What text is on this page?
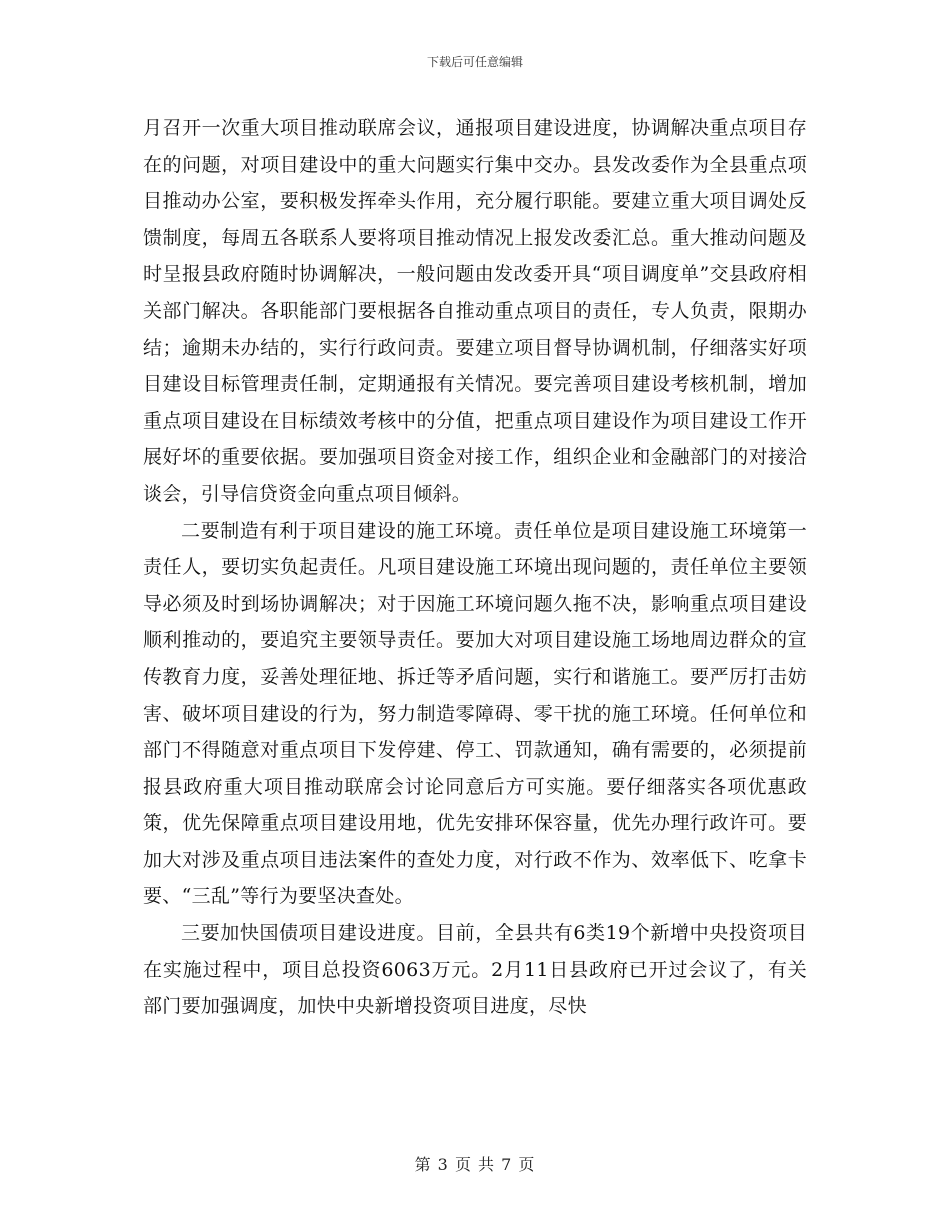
下载后可任意编辑

月召开一次重大项目推动联席会议，通报项目建设进度，协调解决重点项目存在的问题，对项目建设中的重大问题实行集中交办。县发改委作为全县重点项目推动办公室，要积极发挥牵头作用，充分履行职能。要建立重大项目调处反馈制度，每周五各联系人要将项目推动情况上报发改委汇总。重大推动问题及时呈报县政府随时协调解决，一般问题由发改委开具“项目调度单”交县政府相关部门解决。各职能部门要根据各自推动重点项目的责任，专人负责，限期办结；逾期未办结的，实行行政问责。要建立项目督导协调机制，仔细落实好项目建设目标管理责任制，定期通报有关情况。要完善项目建设考核机制，增加重点项目建设在目标绩效考核中的分值，把重点项目建设作为项目建设工作开展好坏的重要依据。要加强项目资金对接工作，组织企业和金融部门的对接洽谈会，引导信贷资金向重点项目倾斜。

二要制造有利于项目建设的施工环境。责任单位是项目建设施工环境第一责任人，要切实负起责任。凡项目建设施工环境出现问题的，责任单位主要领导必须及时到场协调解决；对于因施工环境问题久拖不决，影响重点项目建设顺利推动的，要追究主要领导责任。要加大对项目建设施工场地周边群众的宣传教育力度，妥善处理征地、拆迁等矛盾问题，实行和谐施工。要严厉打击妨害、破坏项目建设的行为，努力制造零障碍、零干扰的施工环境。任何单位和部门不得随意对重点项目下发停建、停工、罚款通知，确有需要的，必须提前报县政府重大项目推动联席会讨论同意后方可实施。要仔细落实各项优惠政策，优先保障重点项目建设用地，优先安排环保容量，优先办理行政许可。要加大对涉及重点项目违法案件的查处力度，对行政不作为、效率低下、吃拿卡要、“三乱”等行为要坚决查处。

三要加快国债项目建设进度。目前，全县共有6类19个新增中央投资项目在实施过程中，项目总投资6063万元。2月11日县政府已开过会议了，有关部门要加强调度，加快中央新增投资项目进度，尽快

第 3 页 共 7 页
